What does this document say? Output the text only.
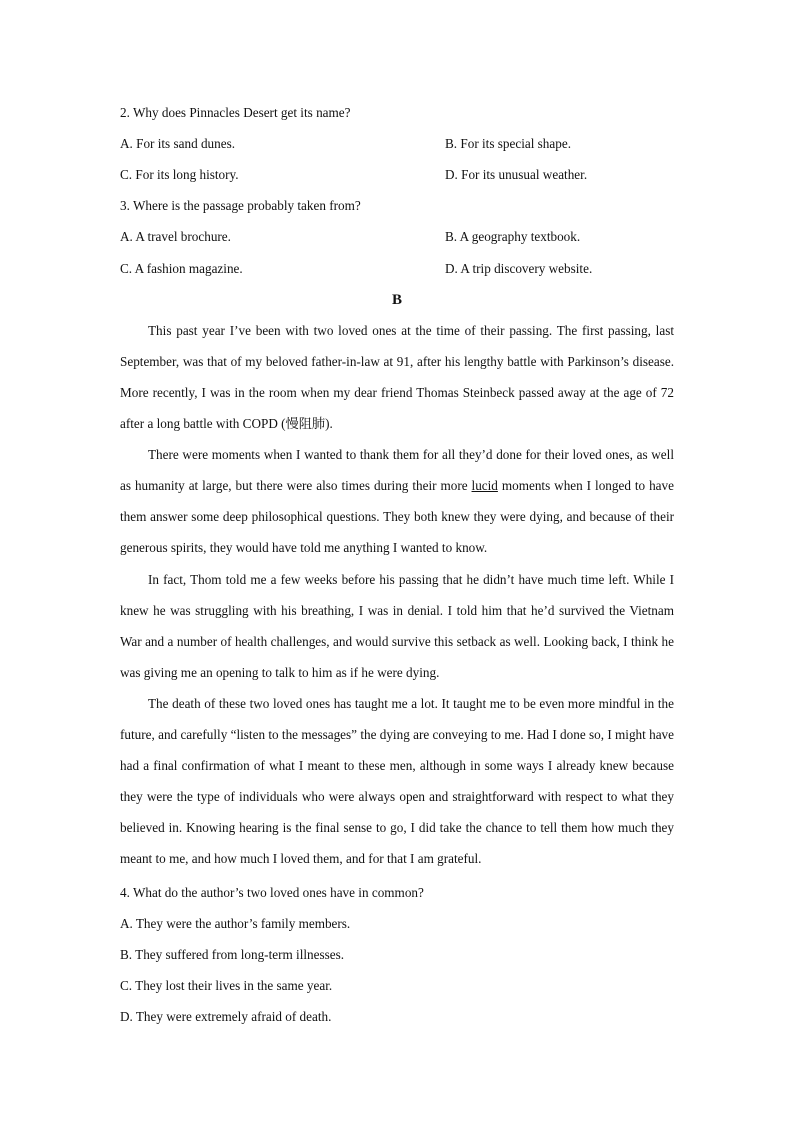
2. Why does Pinnacles Desert get its name?
A. For its sand dunes.	B. For its special shape.
C. For its long history.	D. For its unusual weather.
3. Where is the passage probably taken from?
A. A travel brochure.	B. A geography textbook.
C. A fashion magazine.	D. A trip discovery website.
B

This past year I’ve been with two loved ones at the time of their passing. The first passing, last September, was that of my beloved father-in-law at 91, after his lengthy battle with Parkinson’s disease. More recently, I was in the room when my dear friend Thomas Steinbeck passed away at the age of 72 after a long battle with COPD (慢阻肺).

There were moments when I wanted to thank them for all they’d done for their loved ones, as well as humanity at large, but there were also times during their more lucid moments when I longed to have them answer some deep philosophical questions. They both knew they were dying, and because of their generous spirits, they would have told me anything I wanted to know.

In fact, Thom told me a few weeks before his passing that he didn’t have much time left. While I knew he was struggling with his breathing, I was in denial. I told him that he’d survived the Vietnam War and a number of health challenges, and would survive this setback as well. Looking back, I think he was giving me an opening to talk to him as if he were dying.

The death of these two loved ones has taught me a lot. It taught me to be even more mindful in the future, and carefully “listen to the messages” the dying are conveying to me. Had I done so, I might have had a final confirmation of what I meant to these men, although in some ways I already knew because they were the type of individuals who were always open and straightforward with respect to what they believed in. Knowing hearing is the final sense to go, I did take the chance to tell them how much they meant to me, and how much I loved them, and for that I am grateful.

4. What do the author’s two loved ones have in common?
A. They were the author’s family members.
B. They suffered from long-term illnesses.
C. They lost their lives in the same year.
D. They were extremely afraid of death.
